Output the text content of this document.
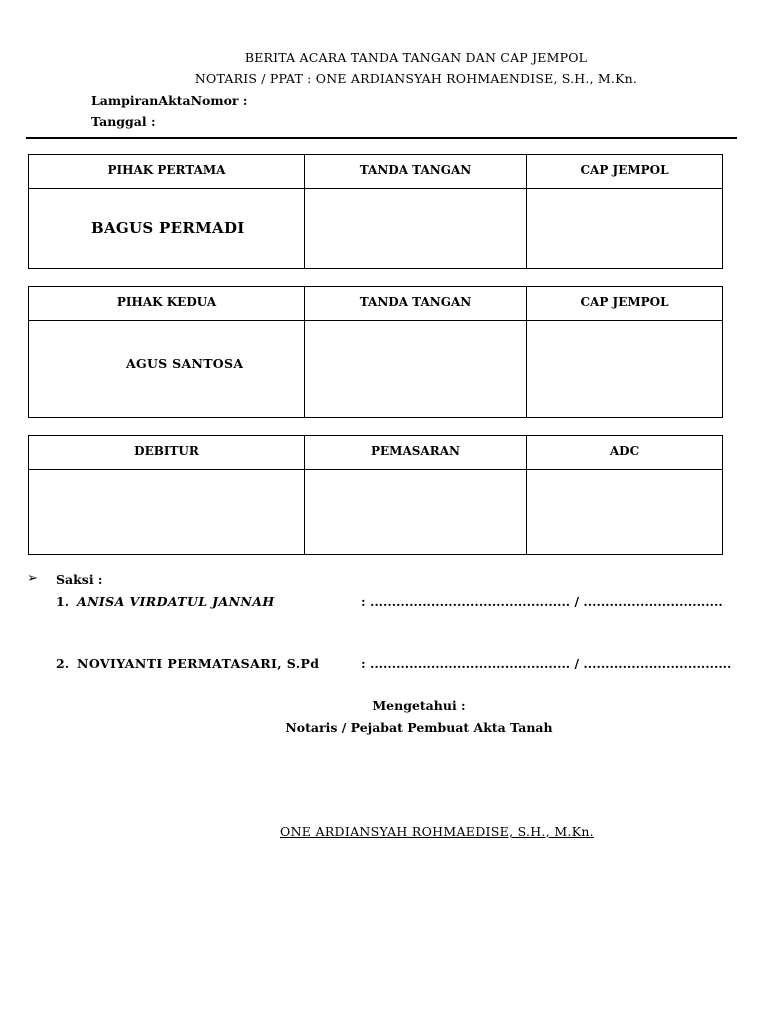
BERITA ACARA TANDA TANGAN DAN CAP JEMPOL
NOTARIS / PPAT : ONE ARDIANSYAH ROHMAENDISE, S.H., M.Kn.
LampiranAktaNomor :
Tanggal :
PIHAK PERTAMA	TANDA TANGAN	CAP JEMPOL

BAGUS PERMADI		

PIHAK KEDUA	TANDA TANGAN	CAP JEMPOL

AGUS SANTOSA		

DEBITUR	PEMASARAN	ADC

➢ Saksi :
1. ANISA VIRDATUL JANNAH	: .............................................. / ................................
2. NOVIYANTI PERMATASARI, S.Pd	: .............................................. / ..................................
Mengetahui :
Notaris / Pejabat Pembuat Akta Tanah
ONE ARDIANSYAH ROHMAEDISE, S.H., M.Kn.
